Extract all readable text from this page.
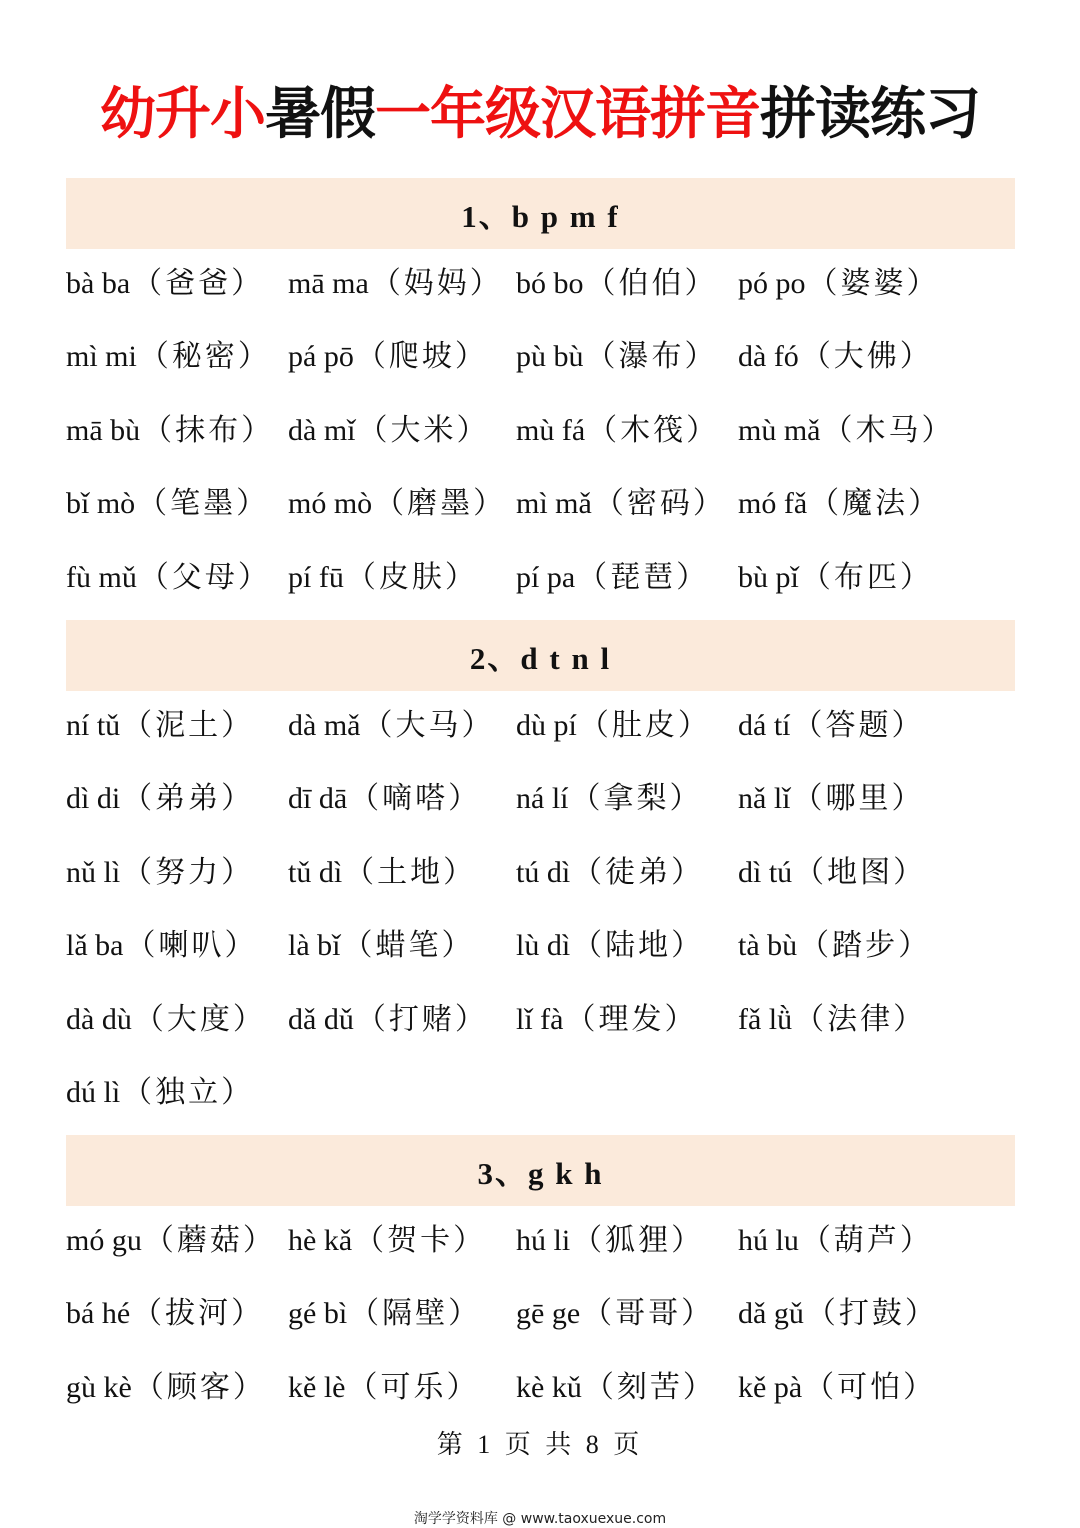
幼升小暑假一年级汉语拼音拼读练习
1、b p m f
bà ba（爸爸） mā ma（妈妈） bó bo（伯伯） pó po（婆婆）
mì mi（秘密） pá pō（爬坡） pù bù（瀑布） dà fó（大佛）
mā bù（抹布） dà mǐ（大米） mù fá（木筏） mù mǎ（木马）
bǐ mò（笔墨） mó mò（磨墨） mì mǎ（密码） mó fǎ（魔法）
fù mǔ（父母） pí fū（皮肤）	pí pa（琵琶） bù pǐ（布匹）
2、d t n l
ní tǔ（泥土）	dà mǎ（大马） dù pí（肚皮） dá tí（答题）
dì di（弟弟）	dī dā（嘀嗒）	ná lí（拿梨）	nǎ lǐ（哪里）
nǔ lì（努力）	tǔ dì（土地）	tú dì（徒弟）	dì tú（地图）
lǎ ba（喇叭）	là bǐ（蜡笔）	lù dì（陆地）	tà bù（踏步）
dà dù（大度） dǎ dǔ（打赌） lǐ fà（理发）	fǎ lǜ（法律）
dú lì（独立）
3、g k h
mó gu（蘑菇） hè kǎ（贺卡） hú li（狐狸）	hú lu（葫芦）
bá hé（拔河） gé bì（隔壁）	gē ge（哥哥） dǎ gǔ（打鼓）
gù kè（顾客） kě lè（可乐）	kè kǔ（刻苦） kě pà（可怕）
第 1 页 共 8 页
淘学学资料库 @ www.taoxuexue.com
